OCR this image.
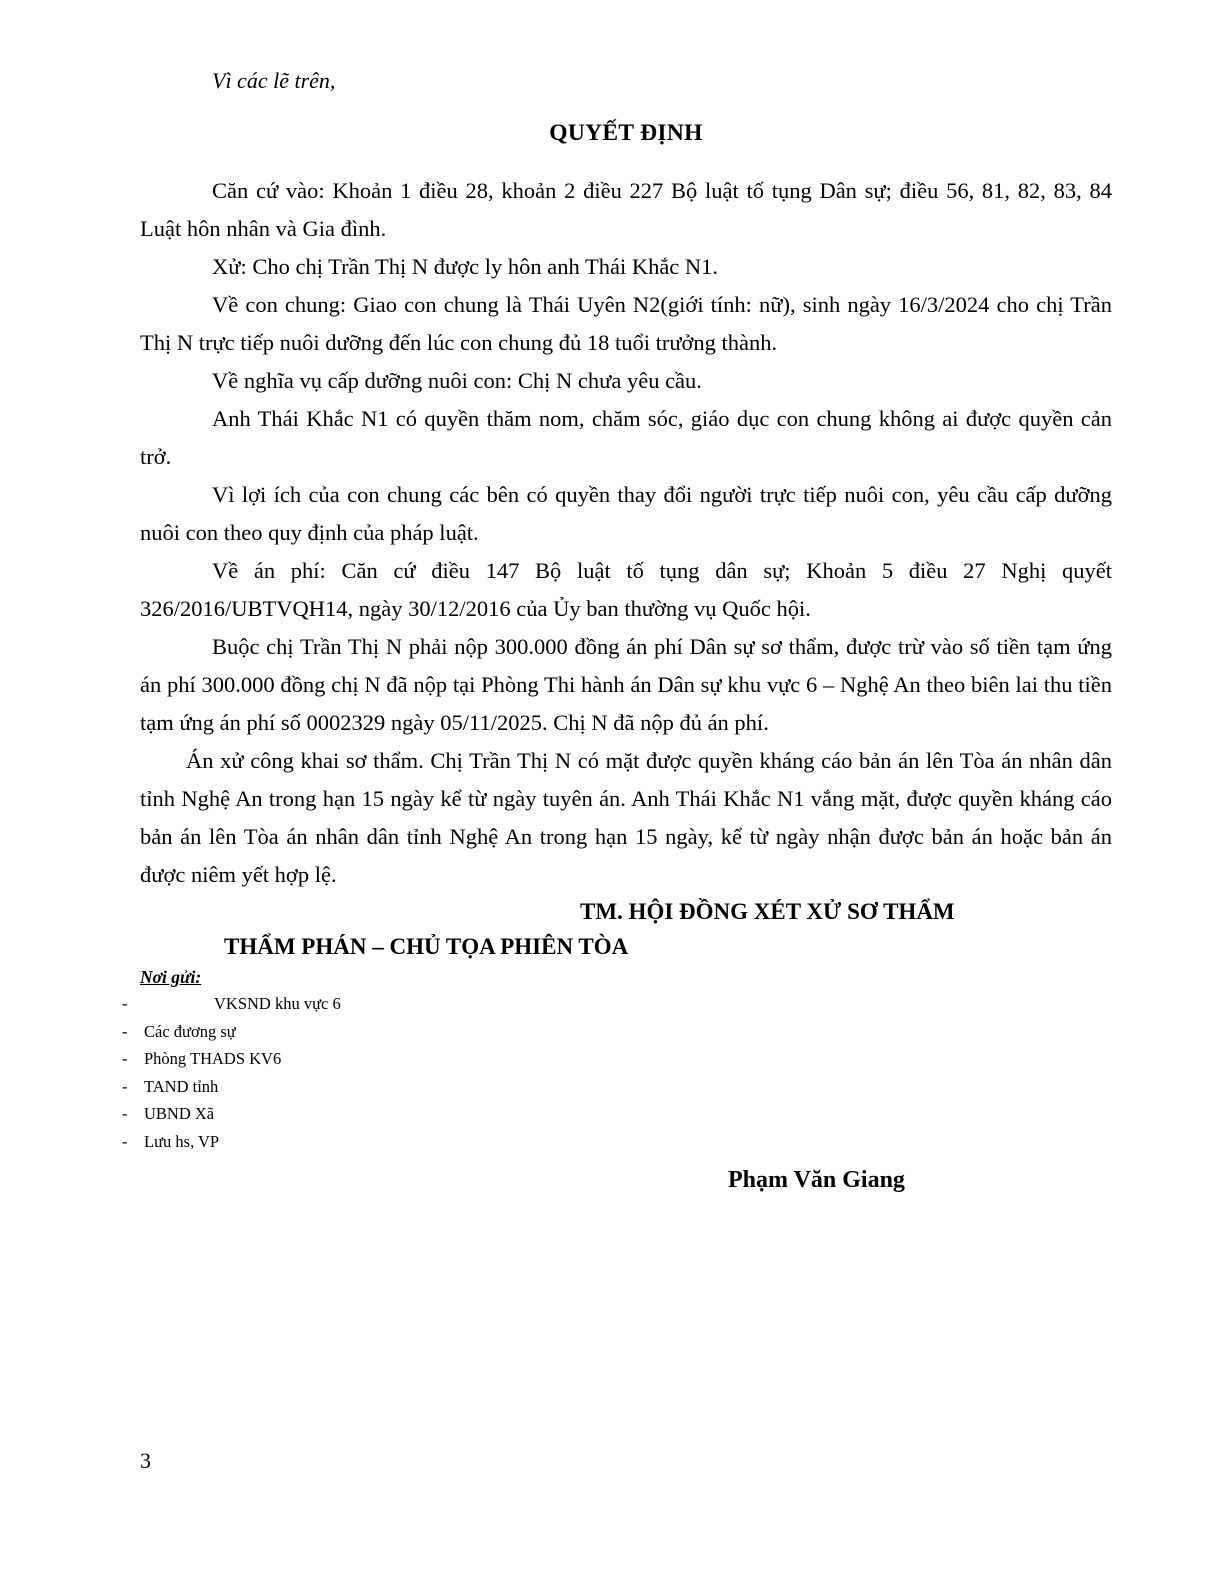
Vì các lẽ trên,
QUYẾT ĐỊNH

Căn cứ vào: Khoản 1 điều 28, khoản 2 điều 227 Bộ luật tố tụng Dân sự; điều 56, 81, 82, 83, 84 Luật hôn nhân và Gia đình.

Xử: Cho chị Trần Thị N được ly hôn anh Thái Khắc N1.

Về con chung: Giao con chung là Thái Uyên N2(giới tính: nữ), sinh ngày 16/3/2024 cho chị Trần Thị N trực tiếp nuôi dưỡng đến lúc con chung đủ 18 tuổi trưởng thành.

Về nghĩa vụ cấp dưỡng nuôi con: Chị N chưa yêu cầu.

Anh Thái Khắc N1 có quyền thăm nom, chăm sóc, giáo dục con chung không ai được quyền cản trở.

Vì lợi ích của con chung các bên có quyền thay đổi người trực tiếp nuôi con, yêu cầu cấp dưỡng nuôi con theo quy định của pháp luật.

Về án phí: Căn cứ điều 147 Bộ luật tố tụng dân sự; Khoản 5 điều 27 Nghị quyết 326/2016/UBTVQH14, ngày 30/12/2016 của Ủy ban thường vụ Quốc hội.

Buộc chị Trần Thị N phải nộp 300.000 đồng án phí Dân sự sơ thẩm, được trừ vào số tiền tạm ứng án phí 300.000 đồng chị N đã nộp tại Phòng Thi hành án Dân sự khu vực 6 – Nghệ An theo biên lai thu tiền tạm ứng án phí số 0002329 ngày 05/11/2025. Chị N đã nộp đủ án phí.

Án xử công khai sơ thẩm. Chị Trần Thị N có mặt được quyền kháng cáo bản án lên Tòa án nhân dân tỉnh Nghệ An trong hạn 15 ngày kể từ ngày tuyên án. Anh Thái Khắc N1 vắng mặt, được quyền kháng cáo bản án lên Tòa án nhân dân tỉnh Nghệ An trong hạn 15 ngày, kể từ ngày nhận được bản án hoặc bản án được niêm yết hợp lệ.

TM. HỘI ĐỒNG XÉT XỬ SƠ THẨM
THẨM PHÁN – CHỦ TỌA PHIÊN TÒA
Nơi gửi:
-	VKSND khu vực 6
-	Các đương sự
-	Phòng THADS KV6
-	TAND tỉnh
-	UBND Xã
-	Lưu hs, VP
Phạm Văn Giang
3
